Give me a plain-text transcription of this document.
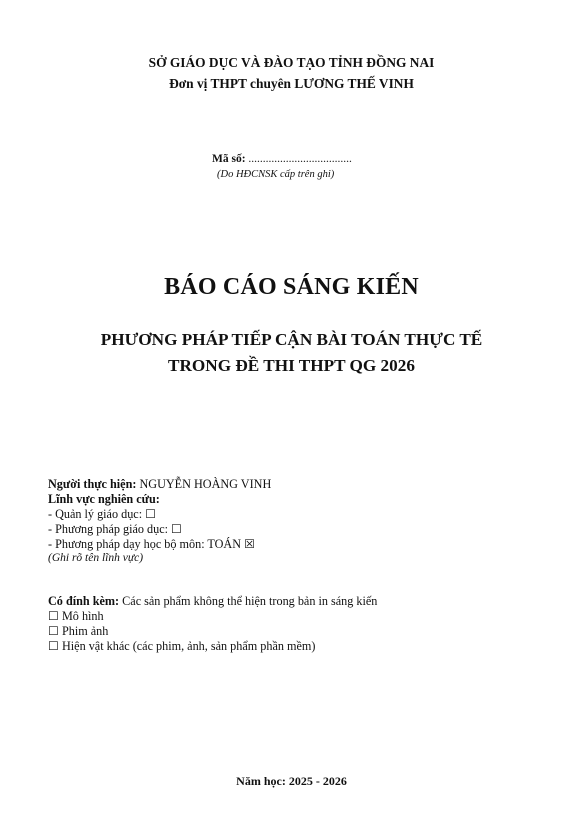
SỞ GIÁO DỤC VÀ ĐÀO TẠO TỈNH ĐỒNG NAI
Đơn vị THPT chuyên LƯƠNG THẾ VINH
Mã số: ....................................
(Do HĐCNSK cấp trên ghi)
BÁO CÁO SÁNG KIẾN
PHƯƠNG PHÁP TIẾP CẬN BÀI TOÁN THỰC TẾ
TRONG ĐỀ THI THPT QG 2026
Người thực hiện: NGUYỄN HOÀNG VINH
Lĩnh vực nghiên cứu:
- Quản lý giáo dục: ☐
- Phương pháp giáo dục: ☐
- Phương pháp dạy học bộ môn: TOÁN ☒
(Ghi rõ tên lĩnh vực)
Có đính kèm: Các sản phẩm không thể hiện trong bản in sáng kiến
☐ Mô hình
☐ Phim ảnh
☐ Hiện vật khác (các phim, ảnh, sản phẩm phần mềm)
Năm học: 2025 - 2026
